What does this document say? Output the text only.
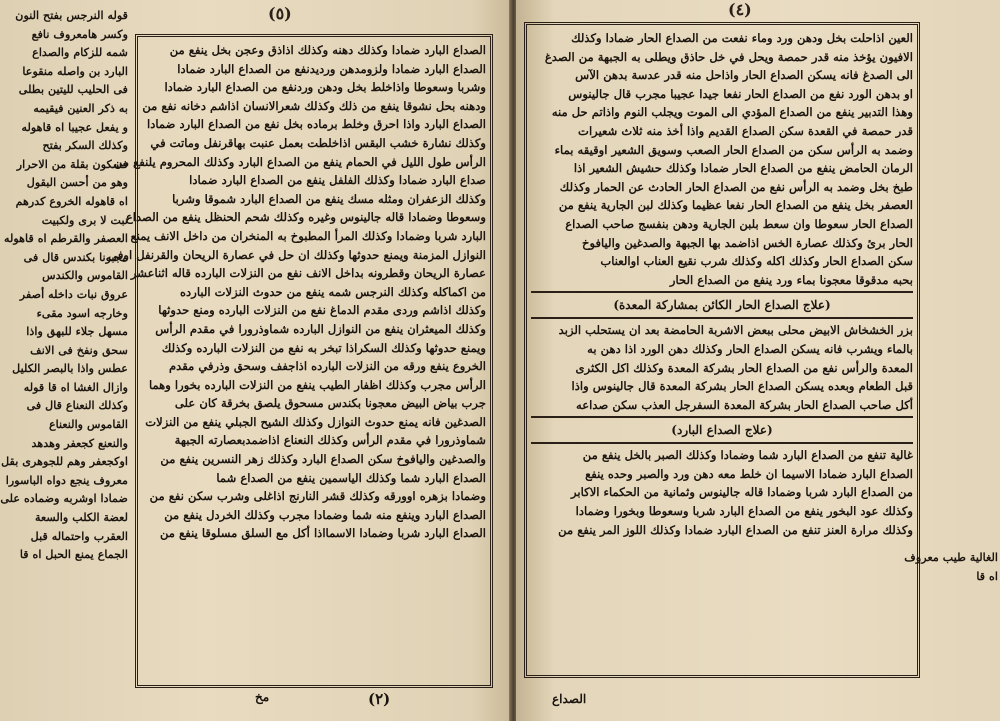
(٥)
قوله النرجس بفتح النون
وكسر هامعروف نافع
شمه للزكام والصداع
البارد بن واصله منقوعا
فى الحليب لليتين بطلى
به ذكر العنين فيقيمه
و يفعل عجيبا اه قاهوله
وكذلك السكر بفتح
فسكون بقلة من الاحرار
وهو من أحسن البقول
اه قاهوله الخروع كدرهم
نبت لا برى ولكبيت
العصفر والقرطم اه قاهوله
مجبونا بكندس قال فى
القاموس والكندس
عروق نبات داخله أصفر
وخارجه اسود مقىء
مسهل جلاء للبهق واذا
سحق ونفخ فى الانف
عطس واذا بالبصر الكليل
وازال الغشا اه قا قوله
وكذلك النعناع قال فى
القاموس والنعناع
والنعنع كجعفر وهدهد
اوكجعفر وهم للجوهرى بقل
معروف ينجع دواه الباسورا
ضمادا اوشربه وضماده على
لعضة الكلب والسعة
العقرب واحتماله قبل
الجماع يمنع الحبل اه قا
الصداع البارد ضمادا وكذلك دهنه وكذلك اذاذق وعجن بخل ينفع من
الصداع البارد ضمادا ولزومدهن ورديدنفع من الصداع البارد ضمادا
وشربا وسعوطا واذاخلط بخل ودهن وردنفع من الصداع البارد ضمادا
ودهنه بحل نشوقا ينفع من ذلك وكذلك شعرالانسان اذاشم دخانه نفع من
الصداع البارد واذا احرق وخلط برماده بخل نفع من الصداع البارد ضمادا
وكذلك نشارة خشب البقس اذاخلطت بعمل عنبت بهاقرنفل وماتت في
الرأس طول الليل في الحمام ينفع من الصداع البارد وكذلك المحروم يلنفع من
صداع البارد ضمادا وكذلك الفلفل ينفع من الصداع البارد ضمادا
وكذلك الزعفران ومثله مسك ينفع من الصداع البارد شموقا وشربا
وسعوطا وضمادا قاله جالينوس وغيره وكذلك شحم الحنظل ينفع من الصداع
البارد شربا وضمادا وكذلك المرأ المطبوخ به المنخران من داخل الانف يمنع
النوازل المزمنة ويمنع حدوثها وكذلك ان حل في عصارة الريحان والقرنفل اوفى
عصارة الريحان وقطرونه بداخل الانف نفع من النزلات البارده قاله اثناعشر
من اكماكله وكذلك النرجس شمه ينفع من حدوث النزلات البارده
وكذلك اذاشم وردى مقدم الدماغ نفع من النزلات البارده ومنع حدوثها
وكذلك الميعثران ينفع من النوازل البارده شماوذرورا في مقدم الرأس
ويمنع حدوثها وكذلك السكراذا تبخر به نفع من النزلات البارده وكذلك
الخروع ينفع ورقه من النزلات البارده اذاجفف وسحق وذرفي مقدم
الرأس مجرب وكذلك اظفار الطيب ينفع من النزلات البارده بخورا وهما
جرب بياض البيض معجونا بكندس مسحوق يلصق بخرقة كان على
الصدغين فانه يمنع حدوث النوازل وكذلك الشيح الجبلي ينفع من النزلات
شماوذرورا في مقدم الرأس وكذلك النعناع اذاضمدبعصارته الجبهة
والصدغين واليافوخ سكن الصداع البارد وكذلك زهر النسرين ينفع من
الصداع البارد شما وكذلك الياسمين ينفع من الصداع شما
وضمادا بزهره اوورقه وكذلك قشر النارنج اذاغلى وشرب سكن نفع من
الصداع البارد وينفع منه شما وضمادا مجرب وكذلك الخردل ينفع من
الصداع البارد شربا وضمادا الاسمااذا أكل مع السلق مسلوقا ينفع من
مخ	(٢)
(٤)
العين اذاحلت بخل ودهن ورد وماء نفعت من الصداع الحار ضمادا وكذلك
الافيون يؤخذ منه قدر حمصة ويحل في خل حاذق ويطلى به الجبهة من الصدغ
الى الصدغ فانه يسكن الصداع الحار واذاحل منه قدر عدسة بدهن الآس
او بدهن الورد نفع من الصداع الحار نفعا جيدا عجيبا مجرب قال جالينوس
وهذا التدبير ينفع من الصداع المؤدي الى الموت ويجلب النوم واذاتم حل منه
قدر حمصة في القعدة سكن الصداع القديم واذا أخذ منه ثلاث شعيرات
وضمد به الرأس سكن من الصداع الحار الصعب وسويق الشعير اوقيقه بماء
الرمان الحامض ينفع من الصداع الحار ضمادا وكذلك حشيش الشعير اذا
طبخ بخل وضمد به الرأس نفع من الصداع الحار الحادث عن الحمار وكذلك
العصفر بخل ينفع من الصداع الحار نفعا عظيما وكذلك لبن الجارية ينفع من
الصداع الحار سعوطا وان سعط بلبن الجارية ودهن بنفسج صاحب الصداع
الحار برئ وكذلك عصارة الخس اذاضمد بها الجبهة والصدغين واليافوخ
سكن الصداع الحار وكذلك اكله وكذلك شرب نقيع العناب اوالعناب
بحبه مدقوقا معجونا بماء ورد ينفع من الصداع الحار
(علاج الصداع الحار الكائن بمشاركة المعدة)
بزر الخشخاش الابيض محلى ببعض الاشربة الحامضة بعد ان يستحلب الزبد
بالماء ويشرب فانه يسكن الصداع الحار وكذلك دهن الورد اذا دهن به
المعدة والرأس نفع من الصداع الحار بشركة المعدة وكذلك اكل الكثرى
قبل الطعام وبعده يسكن الصداع الحار بشركة المعدة قال جالينوس واذا
أكل صاحب الصداع الحار بشركة المعدة السفرجل العذب سكن صداعه
(علاج الصداع البارد)
غالية تنفع من الصداع البارد شما وضمادا وكذلك الصبر بالخل ينفع من
الصداع البارد ضمادا الاسيما ان خلط معه دهن ورد والصبر وحده ينفع
من الصداع البارد شربا وضمادا قاله جالينوس وثمانية من الحكماء الاكابر
وكذلك عود البخور ينفع من الصداع البارد شربا وسعوطا وبخورا وضمادا
وكذلك مرارة العنز تنفع من الصداع البارد ضمادا وكذلك اللوز المر ينفع من
الغالية طيب معروف
اه قا
الصداع
